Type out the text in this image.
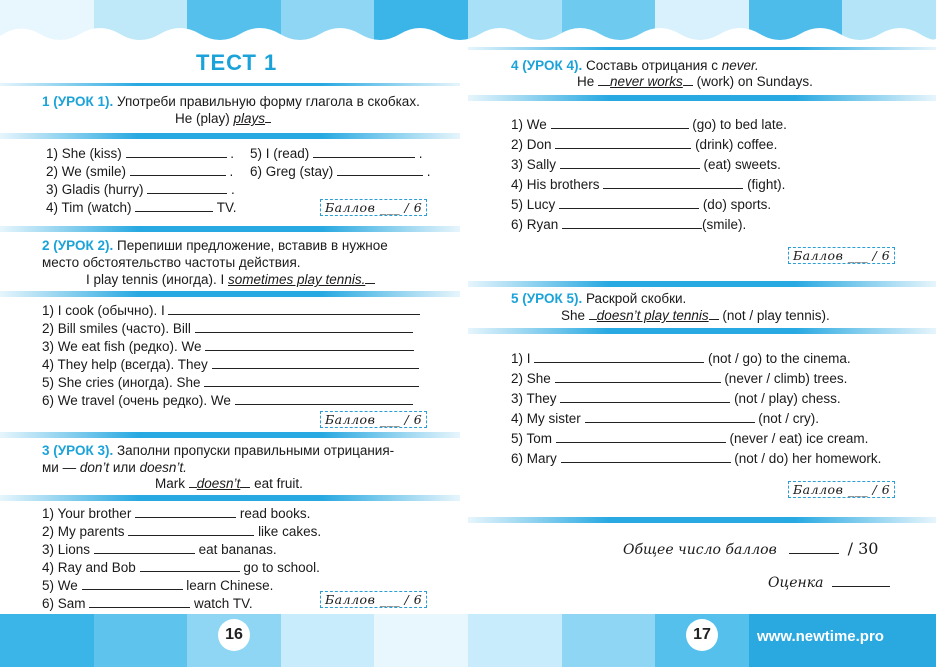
ТЕСТ 1
1 (УРОК 1). Употреби правильную форму глагола в скобках.
He (play) plays
1) She (kiss)	.
2) We (smile)	.
3) Gladis (hurry)	.
4) Tim (watch)	TV.
5) I (read)	.
6) Greg (stay)	.
Баллов ___ / 6
2 (УРОК 2). Перепиши предложение, вставив в нужное
место обстоятельство частоты действия.
I play tennis (иногда). I sometimes play tennis.
1) I cook (обычно). I
2) Bill smiles (часто). Bill
3) We eat fish (редко). We
4) They help (всегда). They
5) She cries (иногда). She
6) We travel (очень редко). We
Баллов ___ / 6
3 (УРОК 3). Заполни пропуски правильными отрицания-
ми — don’t или doesn’t.
Mark doesn’t eat fruit.
1) Your brother	read books.
2) My parents	like cakes.
3) Lions	eat bananas.
4) Ray and Bob	go to school.
5) We	learn Chinese.
6) Sam	watch TV.	Баллов ___ / 6
4 (УРОК 4). Составь отрицания с never.
He never works (work) on Sundays.
1) We	(go) to bed late.
2) Don	(drink) coffee.
3) Sally	(eat) sweets.
4) His brothers	(fight).
5) Lucy	(do) sports.
6) Ryan	(smile).
Баллов ___ / 6
5 (УРОК 5). Раскрой скобки.
She doesn’t play tennis (not / play tennis).
1) I	(not / go) to the cinema.
2) She	(never / climb) trees.
3) They	(not / play) chess.
4) My sister	(not / cry).
5) Tom	(never / eat) ice cream.
6) Mary	(not / do) her homework.
Баллов ___ / 6
Общее число баллов	/ 30
Оценка
16	17	www.newtime.pro
